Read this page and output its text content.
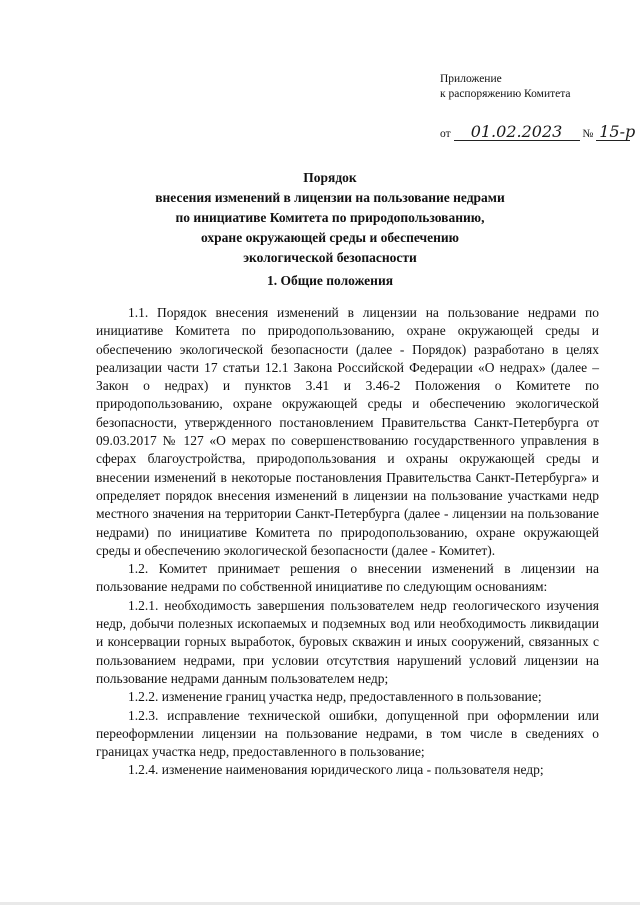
Приложение
к распоряжению Комитета
от 01.02.2023 № 15-р
Порядок
внесения изменений в лицензии на пользование недрами
по инициативе Комитета по природопользованию,
охране окружающей среды и обеспечению
экологической безопасности
1. Общие положения

1.1. Порядок внесения изменений в лицензии на пользование недрами по инициативе Комитета по природопользованию, охране окружающей среды и обеспечению экологической безопасности (далее - Порядок) разработано в целях реализации части 17 статьи 12.1 Закона Российской Федерации «О недрах» (далее – Закон о недрах) и пунктов 3.41 и 3.46-2 Положения о Комитете по природопользованию, охране окружающей среды и обеспечению экологической безопасности, утвержденного постановлением Правительства Санкт-Петербурга от 09.03.2017 № 127 «О мерах по совершенствованию государственного управления в сферах благоустройства, природопользования и охраны окружающей среды и внесении изменений в некоторые постановления Правительства Санкт-Петербурга» и определяет порядок внесения изменений в лицензии на пользование участками недр местного значения на территории Санкт-Петербурга (далее - лицензии на пользование недрами) по инициативе Комитета по природопользованию, охране окружающей среды и обеспечению экологической безопасности (далее - Комитет).

1.2. Комитет принимает решения о внесении изменений в лицензии на пользование недрами по собственной инициативе по следующим основаниям:

1.2.1. необходимость завершения пользователем недр геологического изучения недр, добычи полезных ископаемых и подземных вод или необходимость ликвидации и консервации горных выработок, буровых скважин и иных сооружений, связанных с пользованием недрами, при условии отсутствия нарушений условий лицензии на пользование недрами данным пользователем недр;

1.2.2. изменение границ участка недр, предоставленного в пользование;

1.2.3. исправление технической ошибки, допущенной при оформлении или переоформлении лицензии на пользование недрами, в том числе в сведениях о границах участка недр, предоставленного в пользование;

1.2.4. изменение наименования юридического лица - пользователя недр;
